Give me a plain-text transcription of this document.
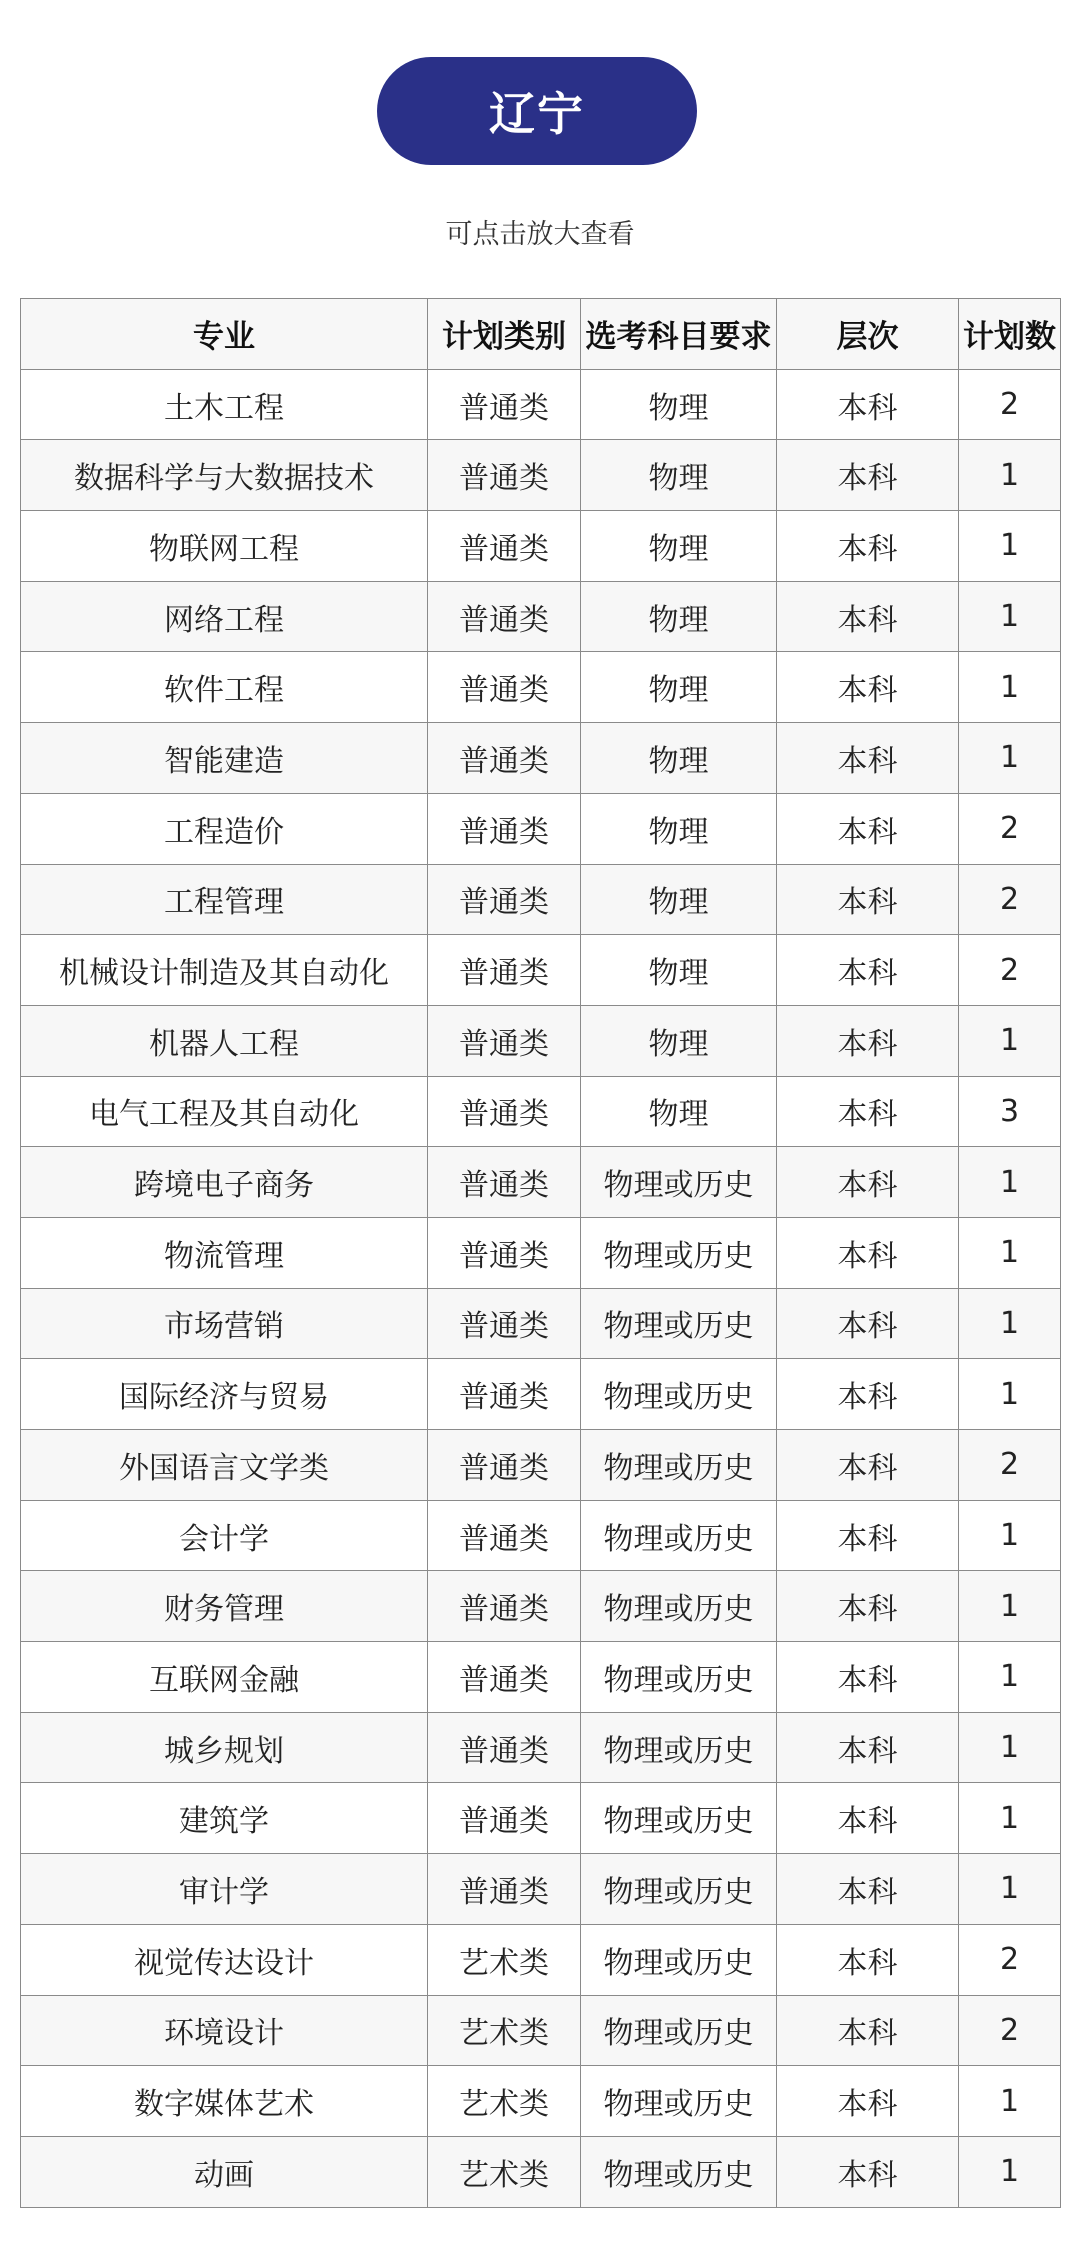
辽宁
可点击放大查看
专业	计划类别	选考科目要求	层次	计划数
土木工程	普通类	物理	本科	2
数据科学与大数据技术	普通类	物理	本科	1
物联网工程	普通类	物理	本科	1
网络工程	普通类	物理	本科	1
软件工程	普通类	物理	本科	1
智能建造	普通类	物理	本科	1
工程造价	普通类	物理	本科	2
工程管理	普通类	物理	本科	2
机械设计制造及其自动化	普通类	物理	本科	2
机器人工程	普通类	物理	本科	1
电气工程及其自动化	普通类	物理	本科	3
跨境电子商务	普通类	物理或历史	本科	1
物流管理	普通类	物理或历史	本科	1
市场营销	普通类	物理或历史	本科	1
国际经济与贸易	普通类	物理或历史	本科	1
外国语言文学类	普通类	物理或历史	本科	2
会计学	普通类	物理或历史	本科	1
财务管理	普通类	物理或历史	本科	1
互联网金融	普通类	物理或历史	本科	1
城乡规划	普通类	物理或历史	本科	1
建筑学	普通类	物理或历史	本科	1
审计学	普通类	物理或历史	本科	1
视觉传达设计	艺术类	物理或历史	本科	2
环境设计	艺术类	物理或历史	本科	2
数字媒体艺术	艺术类	物理或历史	本科	1
动画	艺术类	物理或历史	本科	1
